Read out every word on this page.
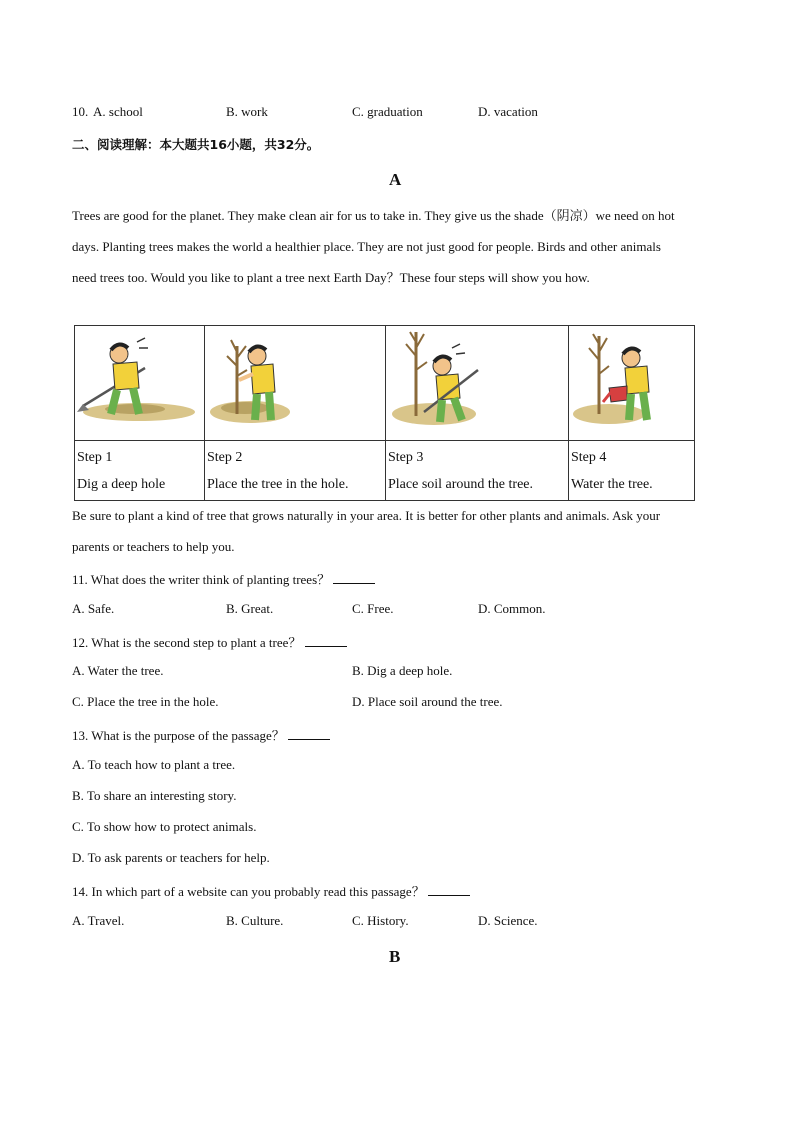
10. A. school	B. work	C. graduation	D. vacation
二、阅读理解：本大题共16小题，共32分。
A
Trees are good for the planet. They make clean air for us to take in. They give us the shade（阴凉）we need on hot
days. Planting trees makes the world a healthier place. They are not just good for people. Birds and other animals
need trees too. Would you like to plant a tree next Earth Day？These four steps will show you how.
Step 1
Dig a deep hole

Step 2
Place the tree in the hole.

Step 3
Place soil around the tree.

Step 4
Water the tree.
Be sure to plant a kind of tree that grows naturally in your area. It is better for other plants and animals. Ask your
parents or teachers to help you.
11. What does the writer think of planting trees？
A. Safe.	B. Great.	C. Free.	D. Common.
12. What is the second step to plant a tree？
A. Water the tree.	B. Dig a deep hole.
C. Place the tree in the hole.	D. Place soil around the tree.
13. What is the purpose of the passage？
A. To teach how to plant a tree.
B. To share an interesting story.
C. To show how to protect animals.
D. To ask parents or teachers for help.
14. In which part of a website can you probably read this passage？
A. Travel.	B. Culture.	C. History.	D. Science.
B
